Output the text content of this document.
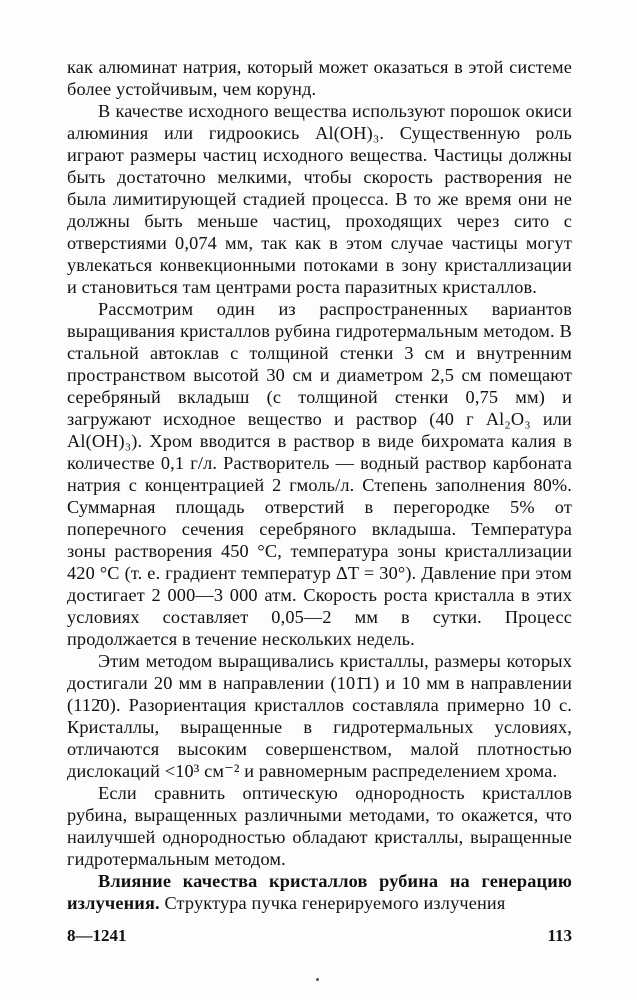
как алюминат натрия, который может оказаться в этой системе более устойчивым, чем корунд.

В качестве исходного вещества используют порошок окиси алюминия или гидроокись Al(OH)₃. Существенную роль играют размеры частиц исходного вещества. Частицы должны быть достаточно мелкими, чтобы скорость растворения не была лимитирующей стадией процесса. В то же время они не должны быть меньше частиц, проходящих через сито с отверстиями 0,074 мм, так как в этом случае частицы могут увлекаться конвекционными потоками в зону кристаллизации и становиться там центрами роста паразитных кристаллов.

Рассмотрим один из распространенных вариантов выращивания кристаллов рубина гидротермальным методом. В стальной автоклав с толщиной стенки 3 см и внутренним пространством высотой 30 см и диаметром 2,5 см помещают серебряный вкладыш (с толщиной стенки 0,75 мм) и загружают исходное вещество и раствор (40 г Al₂O₃ или Al(OH)₃). Хром вводится в раствор в виде бихромата калия в количестве 0,1 г/л. Растворитель — водный раствор карбоната натрия с концентрацией 2 гмоль/л. Степень заполнения 80%. Суммарная площадь отверстий в перегородке 5% от поперечного сечения серебряного вкладыша. Температура зоны растворения 450 °С, температура зоны кристаллизации 420 °С (т. е. градиент температур ΔT = 30°). Давление при этом достигает 2 000—3 000 атм. Скорость роста кристалла в этих условиях составляет 0,05—2 мм в сутки. Процесс продолжается в течение нескольких недель.

Этим методом выращивались кристаллы, размеры которых достигали 20 мм в направлении (101̄1) и 10 мм в направлении (112̄0). Разориентация кристаллов составляла примерно 10 с. Кристаллы, выращенные в гидротермальных условиях, отличаются высоким совершенством, малой плотностью дислокаций <10³ см⁻² и равномерным распределением хрома.

Если сравнить оптическую однородность кристаллов рубина, выращенных различными методами, то окажется, что наилучшей однородностью обладают кристаллы, выращенные гидротермальным методом.

Влияние качества кристаллов рубина на генерацию излучения. Структура пучка генерируемого излучения

8—1241	113
